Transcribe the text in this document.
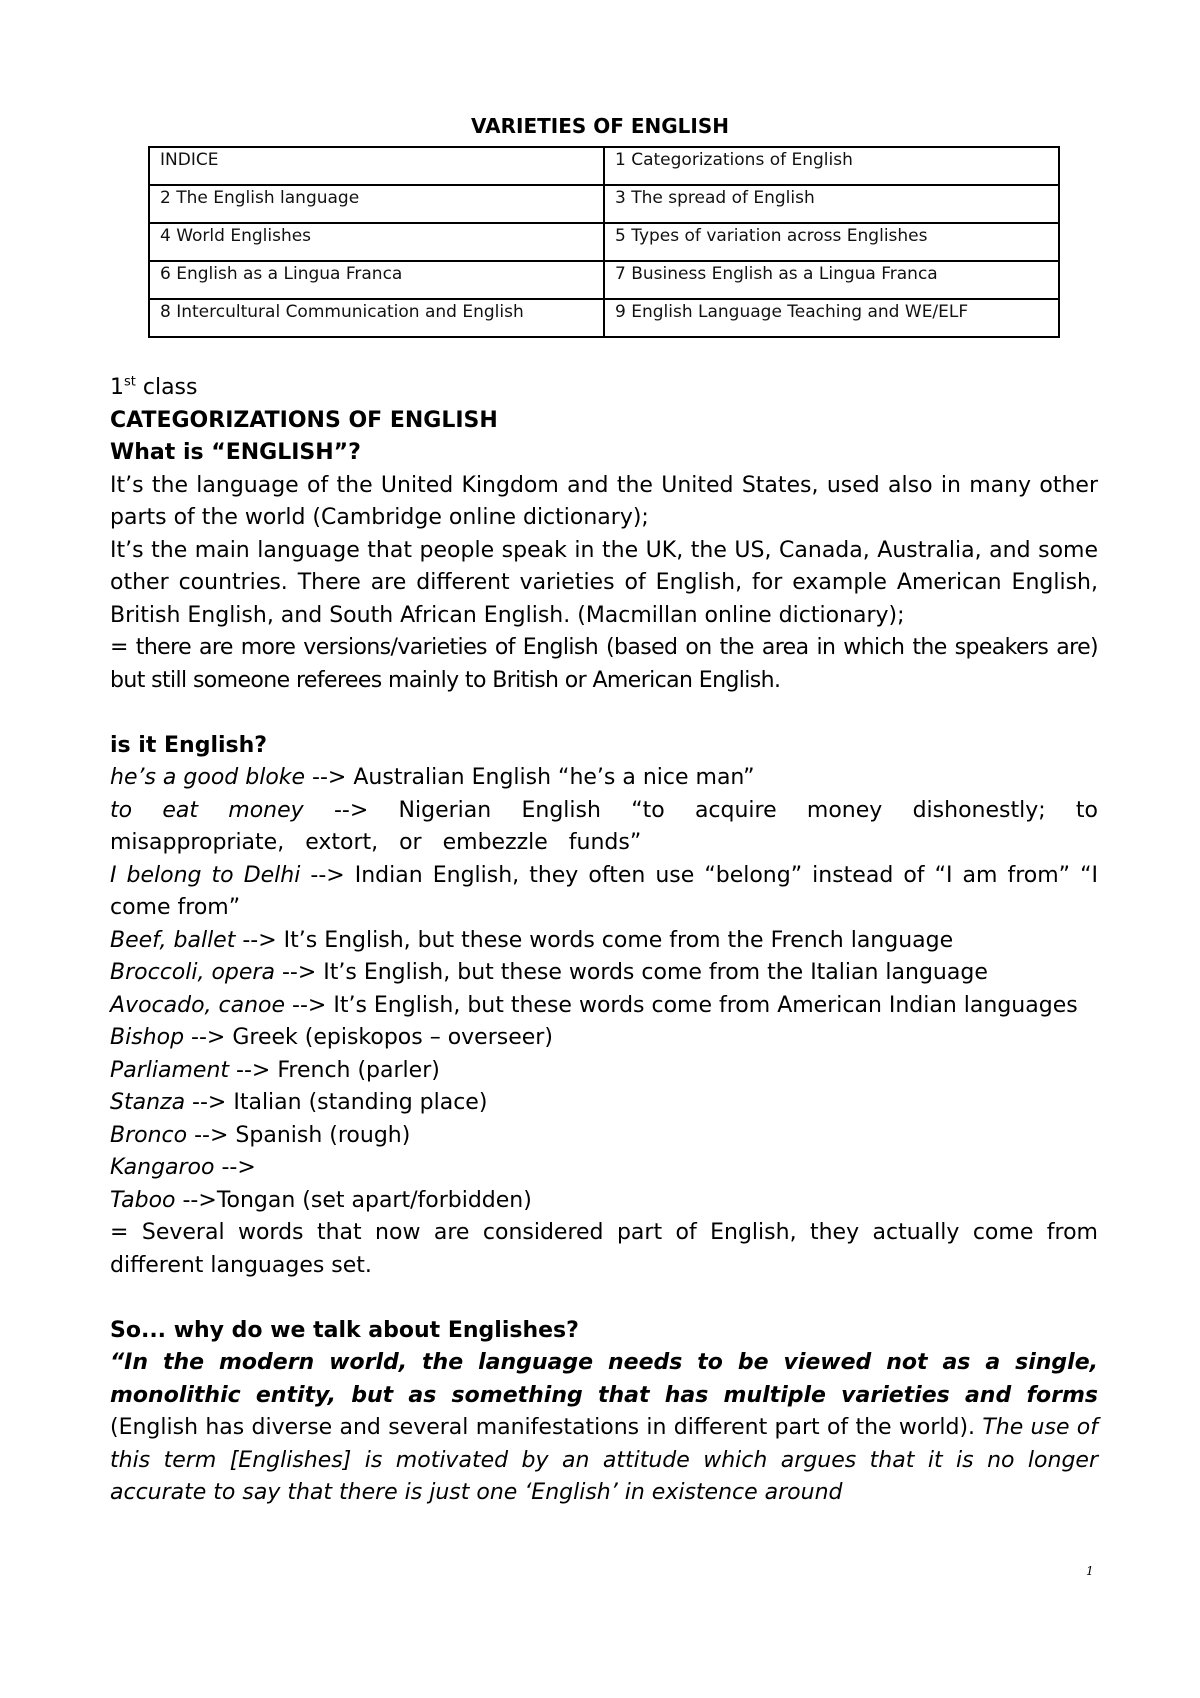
VARIETIES OF ENGLISH
INDICE	1 Categorizations of English
2 The English language	3 The spread of English
4 World Englishes	5 Types of variation across Englishes
6 English as a Lingua Franca	7 Business English as a Lingua Franca
8 Intercultural Communication and English	9 English Language Teaching and WE/ELF

1st class

CATEGORIZATIONS OF ENGLISH

What is “ENGLISH”?

It’s the language of the United Kingdom and the United States, used also in many other parts of the world (Cambridge online dictionary);

It’s the main language that people speak in the UK, the US, Canada, Australia, and some other countries. There are different varieties of English, for example American English, British English, and South African English. (Macmillan online dictionary);

= there are more versions/varieties of English (based on the area in which the speakers are) but still someone referees mainly to British or American English.

is it English?

he’s a good bloke --> Australian English “he’s a nice man”

to eat money --> Nigerian English “to acquire money dishonestly; to misappropriate, extort, or embezzle funds”

I belong to Delhi --> Indian English, they often use “belong” instead of “I am from” “I come from”

Beef, ballet --> It’s English, but these words come from the French language

Broccoli, opera --> It’s English, but these words come from the Italian language

Avocado, canoe --> It’s English, but these words come from American Indian languages

Bishop --> Greek (episkopos – overseer)

Parliament --> French (parler)

Stanza --> Italian (standing place)

Bronco --> Spanish (rough)

Kangaroo -->

Taboo -->Tongan (set apart/forbidden)

= Several words that now are considered part of English, they actually come from different languages set.

So... why do we talk about Englishes?

“In the modern world, the language needs to be viewed not as a single, monolithic entity, but as something that has multiple varieties and forms (English has diverse and several manifestations in different part of the world). The use of this term [Englishes] is motivated by an attitude which argues that it is no longer accurate to say that there is just one ‘English’ in existence around

1
